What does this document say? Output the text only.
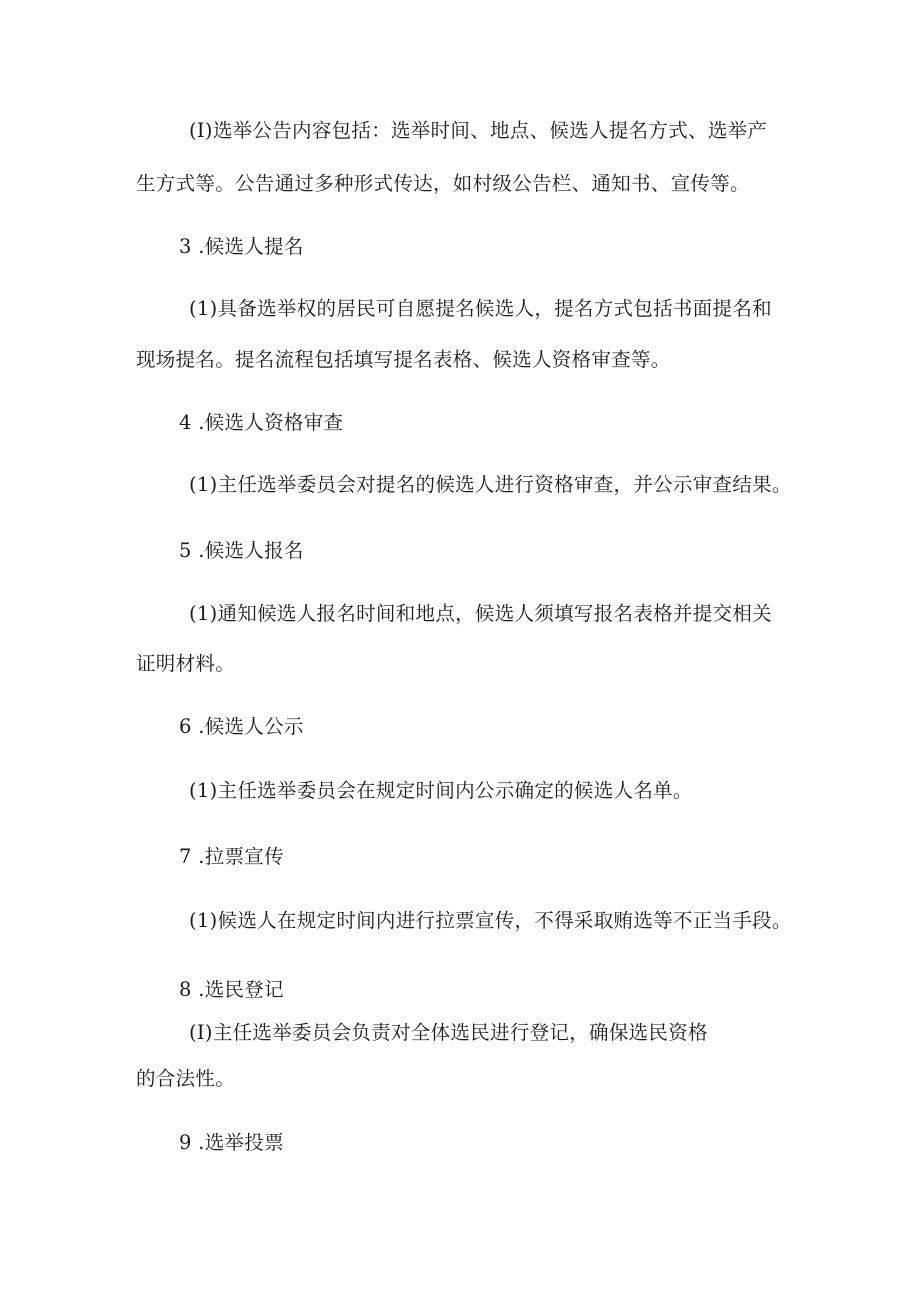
(I)选举公告内容包括：选举时间、地点、候选人提名方式、选举产
生方式等。公告通过多种形式传达，如村级公告栏、通知书、宣传等。
3 .候选人提名
(1)具备选举权的居民可自愿提名候选人，提名方式包括书面提名和
现场提名。提名流程包括填写提名表格、候选人资格审查等。
4 .候选人资格审查
(1)主任选举委员会对提名的候选人进行资格审查，并公示审查结果。
5 .候选人报名
(1)通知候选人报名时间和地点，候选人须填写报名表格并提交相关
证明材料。
6 .候选人公示
(1)主任选举委员会在规定时间内公示确定的候选人名单。
7 .拉票宣传
(1)候选人在规定时间内进行拉票宣传，不得采取贿选等不正当手段。
8 .选民登记
(I)主任选举委员会负责对全体选民进行登记，确保选民资格
的合法性。
9 .选举投票
